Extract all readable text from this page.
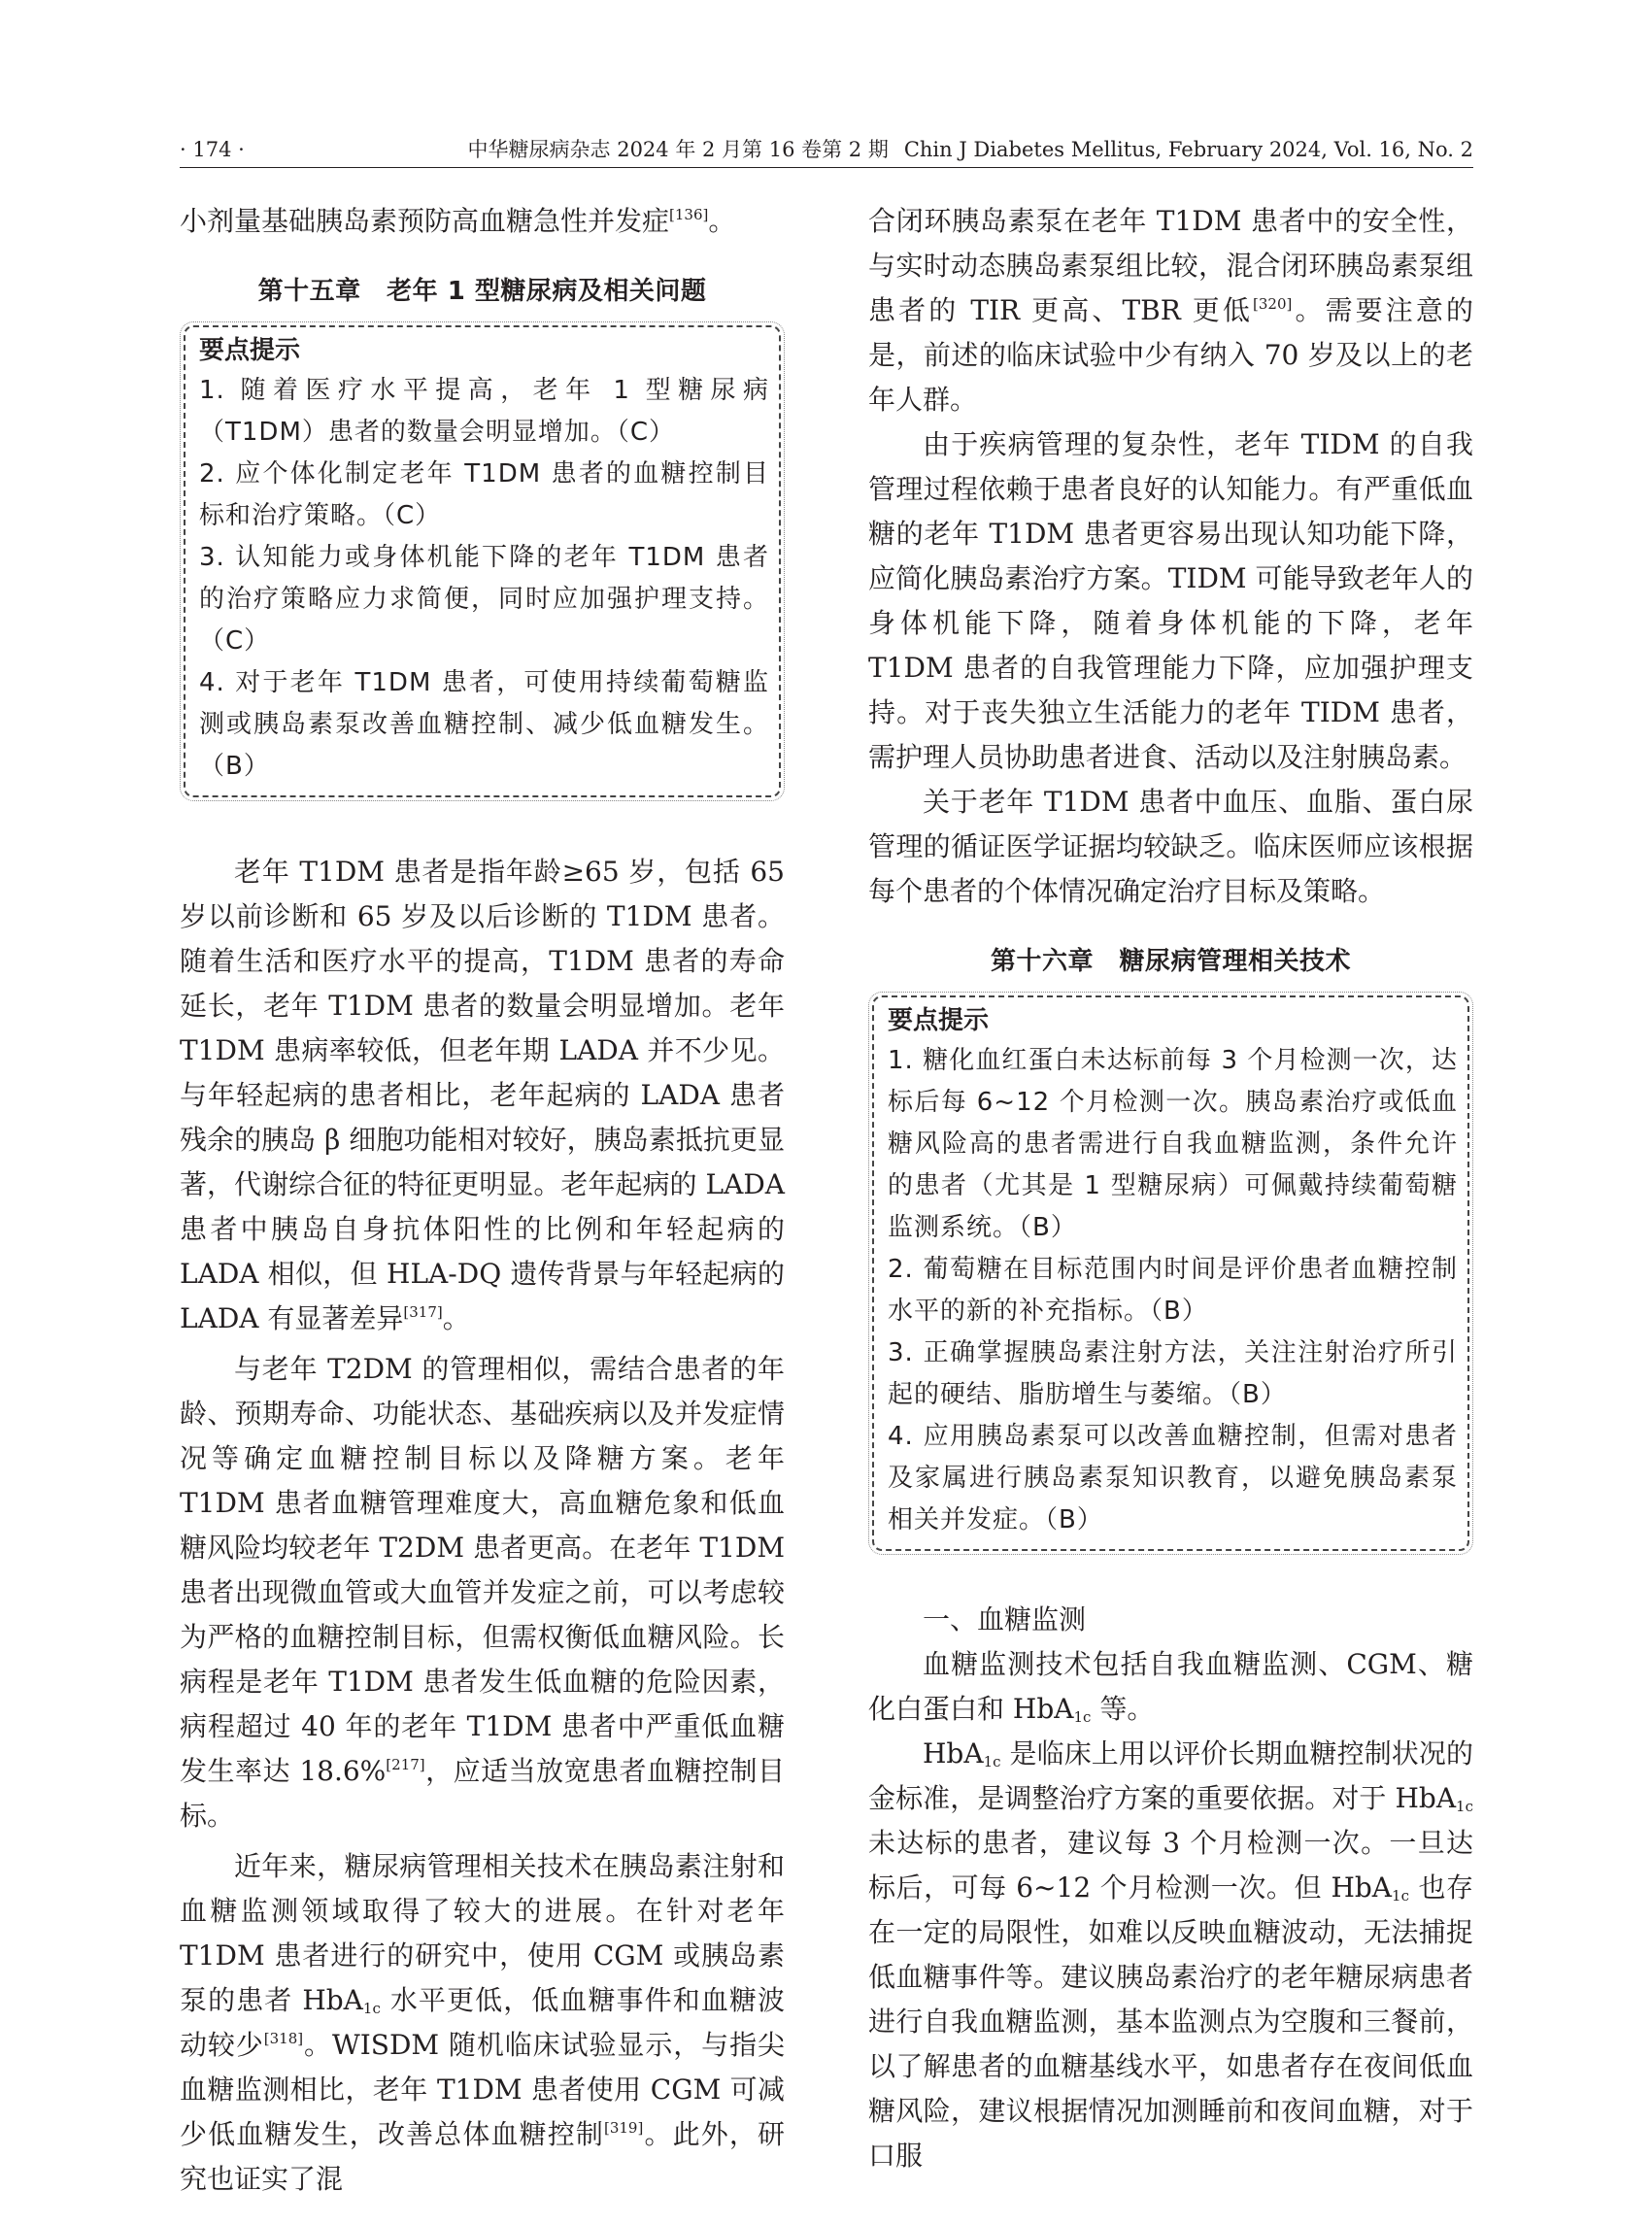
· 174 ·	中华糖尿病杂志 2024 年 2 月第 16 卷第 2 期 Chin J Diabetes Mellitus, February 2024, Vol. 16, No. 2

小剂量基础胰岛素预防高血糖急性并发症[136]。

第十五章　老年 1 型糖尿病及相关问题

要点提示

1. 随着医疗水平提高，老年 1 型糖尿病（T1DM）患者的数量会明显增加。（C）

2. 应个体化制定老年 T1DM 患者的血糖控制目标和治疗策略。（C）

3. 认知能力或身体机能下降的老年 T1DM 患者的治疗策略应力求简便，同时应加强护理支持。（C）

4. 对于老年 T1DM 患者，可使用持续葡萄糖监测或胰岛素泵改善血糖控制、减少低血糖发生。（B）

老年 T1DM 患者是指年龄≥65 岁，包括 65 岁以前诊断和 65 岁及以后诊断的 T1DM 患者。随着生活和医疗水平的提高，T1DM 患者的寿命延长，老年 T1DM 患者的数量会明显增加。老年 T1DM 患病率较低，但老年期 LADA 并不少见。与年轻起病的患者相比，老年起病的 LADA 患者残余的胰岛 β 细胞功能相对较好，胰岛素抵抗更显著，代谢综合征的特征更明显。老年起病的 LADA 患者中胰岛自身抗体阳性的比例和年轻起病的 LADA 相似，但 HLA-DQ 遗传背景与年轻起病的 LADA 有显著差异[317]。

与老年 T2DM 的管理相似，需结合患者的年龄、预期寿命、功能状态、基础疾病以及并发症情况等确定血糖控制目标以及降糖方案。老年 T1DM 患者血糖管理难度大，高血糖危象和低血糖风险均较老年 T2DM 患者更高。在老年 T1DM 患者出现微血管或大血管并发症之前，可以考虑较为严格的血糖控制目标，但需权衡低血糖风险。长病程是老年 T1DM 患者发生低血糖的危险因素，病程超过 40 年的老年 T1DM 患者中严重低血糖发生率达 18.6%[217]，应适当放宽患者血糖控制目标。

近年来，糖尿病管理相关技术在胰岛素注射和血糖监测领域取得了较大的进展。在针对老年 T1DM 患者进行的研究中，使用 CGM 或胰岛素泵的患者 HbA$_{1c}$ 水平更低，低血糖事件和血糖波动较少[318]。WISDM 随机临床试验显示，与指尖血糖监测相比，老年 T1DM 患者使用 CGM 可减少低血糖发生，改善总体血糖控制[319]。此外，研究也证实了混

合闭环胰岛素泵在老年 T1DM 患者中的安全性，与实时动态胰岛素泵组比较，混合闭环胰岛素泵组患者的 TIR 更高、TBR 更低[320]。需要注意的是，前述的临床试验中少有纳入 70 岁及以上的老年人群。

由于疾病管理的复杂性，老年 TIDM 的自我管理过程依赖于患者良好的认知能力。有严重低血糖的老年 T1DM 患者更容易出现认知功能下降，应简化胰岛素治疗方案。TIDM 可能导致老年人的身体机能下降，随着身体机能的下降，老年 T1DM 患者的自我管理能力下降，应加强护理支持。对于丧失独立生活能力的老年 TIDM 患者，需护理人员协助患者进食、活动以及注射胰岛素。

关于老年 T1DM 患者中血压、血脂、蛋白尿管理的循证医学证据均较缺乏。临床医师应该根据每个患者的个体情况确定治疗目标及策略。

第十六章　糖尿病管理相关技术

要点提示

1. 糖化血红蛋白未达标前每 3 个月检测一次，达标后每 6~12 个月检测一次。胰岛素治疗或低血糖风险高的患者需进行自我血糖监测，条件允许的患者（尤其是 1 型糖尿病）可佩戴持续葡萄糖监测系统。（B）

2. 葡萄糖在目标范围内时间是评价患者血糖控制水平的新的补充指标。（B）

3. 正确掌握胰岛素注射方法，关注注射治疗所引起的硬结、脂肪增生与萎缩。（B）

4. 应用胰岛素泵可以改善血糖控制，但需对患者及家属进行胰岛素泵知识教育，以避免胰岛素泵相关并发症。（B）

一、血糖监测

血糖监测技术包括自我血糖监测、CGM、糖化白蛋白和 HbA$_{1c}$ 等。

HbA$_{1c}$ 是临床上用以评价长期血糖控制状况的金标准，是调整治疗方案的重要依据。对于 HbA$_{1c}$ 未达标的患者，建议每 3 个月检测一次。一旦达标后，可每 6~12 个月检测一次。但 HbA$_{1c}$ 也存在一定的局限性，如难以反映血糖波动，无法捕捉低血糖事件等。建议胰岛素治疗的老年糖尿病患者进行自我血糖监测，基本监测点为空腹和三餐前，以了解患者的血糖基线水平，如患者存在夜间低血糖风险，建议根据情况加测睡前和夜间血糖，对于口服
